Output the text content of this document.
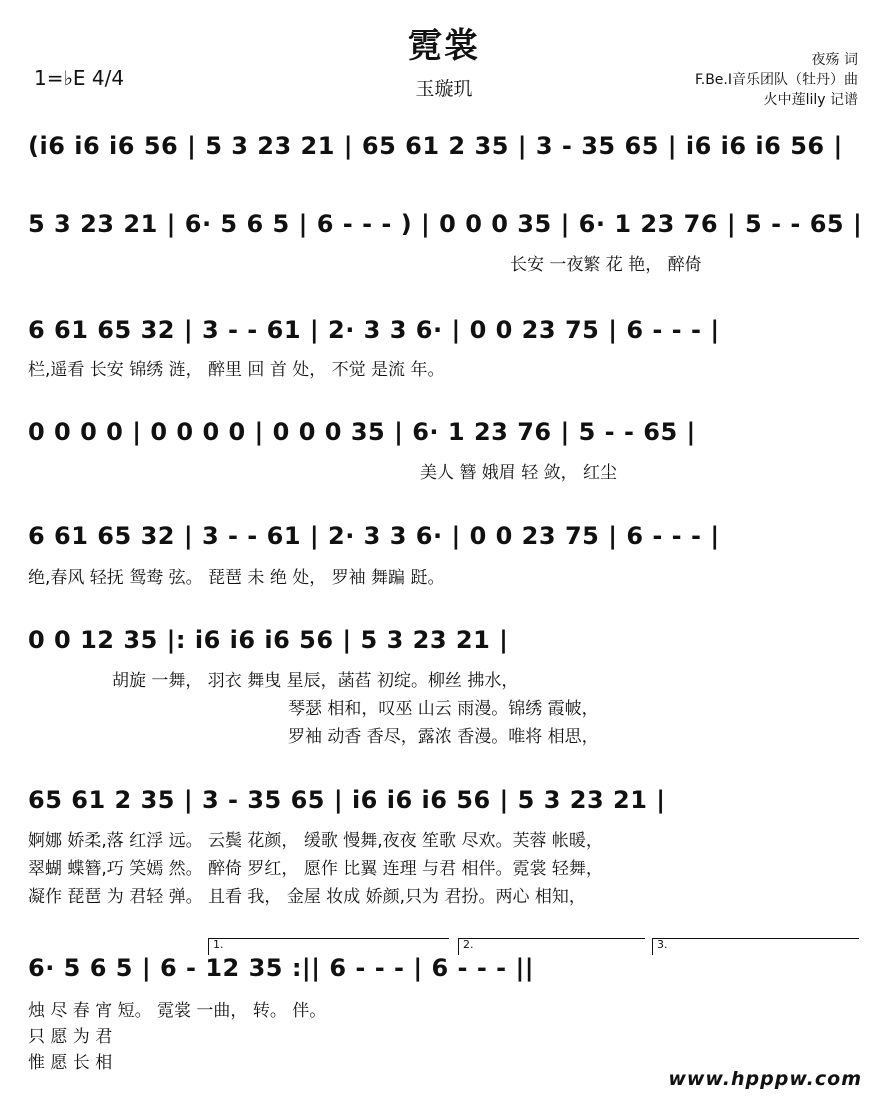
霓裳
玉璇玑
1=♭E 4/4
夜殇 词
F.Be.I音乐团队（牡丹）曲
火中莲lily 记谱
(i6 i6 i6 56 | 5 3 23 21 | 65 61 2 35 | 3 - 35 65 | i6 i6 i6 56 |
5 3 23 21 | 6· 5 6 5 | 6 - - - ) | 0 0 0 35 | 6· 1 23 76 | 5 - - 65 |
长安 一夜繁 花 艳， 醉倚
6 61 65 32 | 3 - - 61 | 2· 3 3 6· | 0 0 23 75 | 6 - - - |
栏,遥看 长安 锦绣 涟， 醉里 回 首 处， 不觉 是流 年。
0 0 0 0 | 0 0 0 0 | 0 0 0 35 | 6· 1 23 76 | 5 - - 65 |
美人 簪 娥眉 轻 敛， 红尘
6 61 65 32 | 3 - - 61 | 2· 3 3 6· | 0 0 23 75 | 6 - - - |
绝,春风 轻抚 鸳鸯 弦。 琵琶 未 绝 处， 罗袖 舞蹁 跹。
0 0 12 35 |: i6 i6 i6 56 | 5 3 23 21 |
胡旋 一舞， 羽衣 舞曳 星辰，菡萏 初绽。柳丝 拂水，
琴瑟 相和，叹巫 山云 雨漫。锦绣 霞帔，
罗袖 动香 香尽，露浓 香漫。唯将 相思，
65 61 2 35 | 3 - 35 65 | i6 i6 i6 56 | 5 3 23 21 |
婀娜 娇柔,落 红浮 远。 云鬓 花颜， 缓歌 慢舞,夜夜 笙歌 尽欢。芙蓉 帐暖，
翠蝴 蝶簪,巧 笑嫣 然。 醉倚 罗红， 愿作 比翼 连理 与君 相伴。霓裳 轻舞，
凝作 琵琶 为 君轻 弹。 且看 我， 金屋 妆成 娇颜,只为 君扮。两心 相知，
1.	2.	3.
6· 5 6 5 | 6 - 12 35 :|| 6 - - - | 6 - - - ||
烛 尽 春 宵 短。 霓裳 一曲， 转。 伴。
只 愿 为 君
惟 愿 长 相
www.hpppw.com
